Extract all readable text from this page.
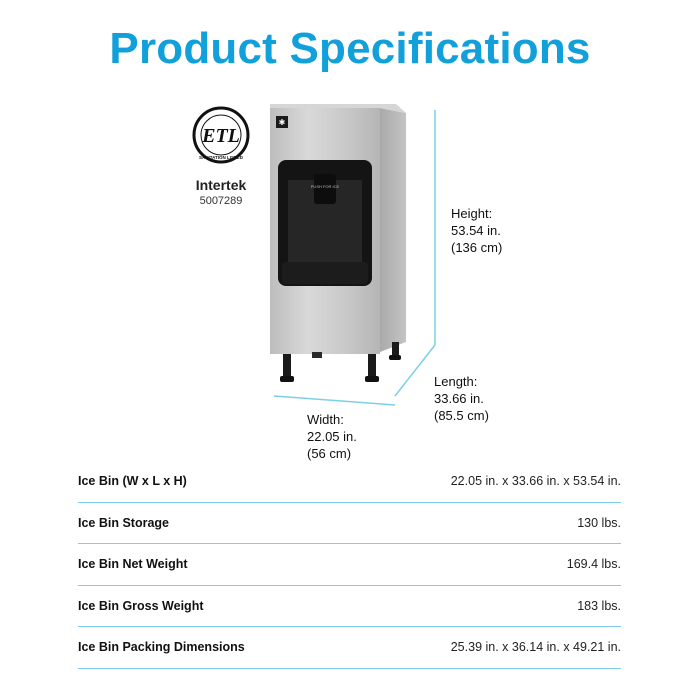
Product Specifications
ETL
SANITATION LISTED
Intertek
5007289
✱
PUSH FOR ICE
Height:
53.54 in.
(136 cm)
Length:
33.66 in.
(85.5 cm)
Width:
22.05 in.
(56 cm)
Ice Bin (W x L x H)	22.05 in. x 33.66 in. x 53.54 in.
Ice Bin Storage	130 lbs.
Ice Bin Net Weight	169.4 lbs.
Ice Bin Gross Weight	183 lbs.
Ice Bin Packing Dimensions	25.39 in. x 36.14 in. x 49.21 in.
